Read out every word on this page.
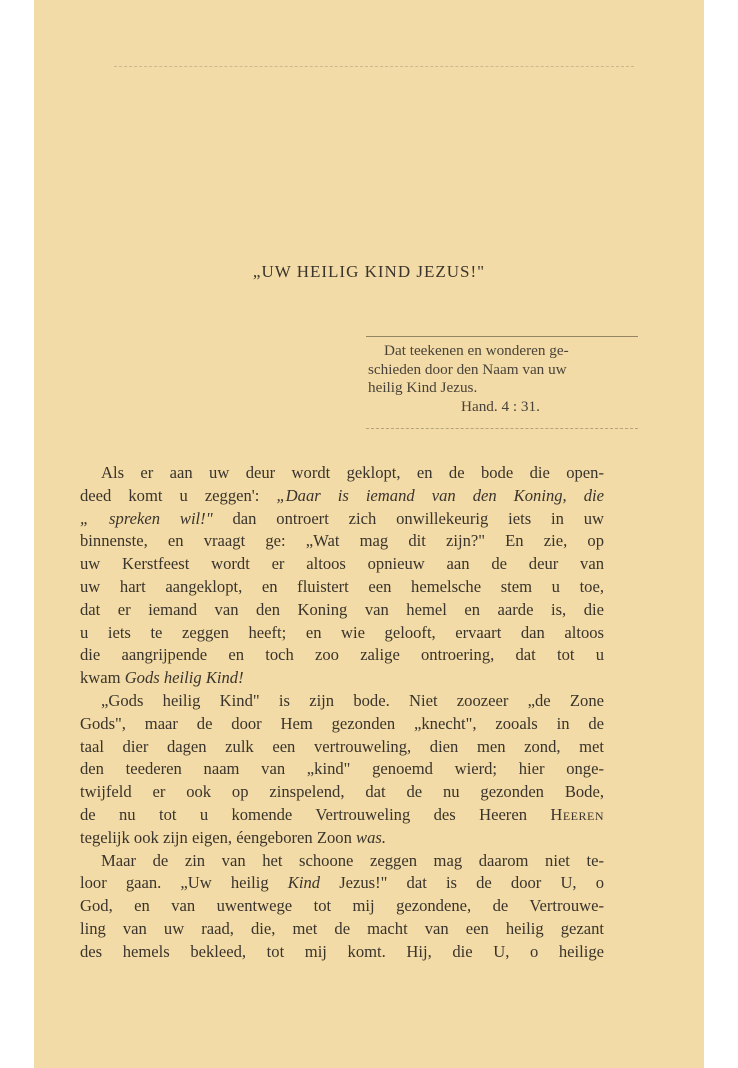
„UW HEILIG KIND JEZUS!"
Dat teekenen en wonderen ge-
schieden door den Naam van uw
heilig Kind Jezus.
Hand. 4 : 31.
Als er aan uw deur wordt geklopt, en de bode die open-
deed komt u zeggen': „Daar is iemand van den Koning, die
„ spreken wil!" dan ontroert zich onwillekeurig iets in uw
binnenste, en vraagt ge: „Wat mag dit zijn?" En zie, op
uw Kerstfeest wordt er altoos opnieuw aan de deur van
uw hart aangeklopt, en fluistert een hemelsche stem u toe,
dat er iemand van den Koning van hemel en aarde is, die
u iets te zeggen heeft; en wie gelooft, ervaart dan altoos
die aangrijpende en toch zoo zalige ontroering, dat tot u
kwam Gods heilig Kind!
„Gods heilig Kind" is zijn bode. Niet zoozeer „de Zone
Gods", maar de door Hem gezonden „knecht", zooals in de
taal dier dagen zulk een vertrouweling, dien men zond, met
den teederen naam van „kind" genoemd wierd; hier onge-
twijfeld er ook op zinspelend, dat de nu gezonden Bode,
de nu tot u komende Vertrouweling des Heeren Heeren
tegelijk ook zijn eigen, éengeboren Zoon was.
Maar de zin van het schoone zeggen mag daarom niet te-
loor gaan. „Uw heilig Kind Jezus!" dat is de door U, o
God, en van uwentwege tot mij gezondene, de Vertrouwe-
ling van uw raad, die, met de macht van een heilig gezant
des hemels bekleed, tot mij komt. Hij, die U, o heilige
